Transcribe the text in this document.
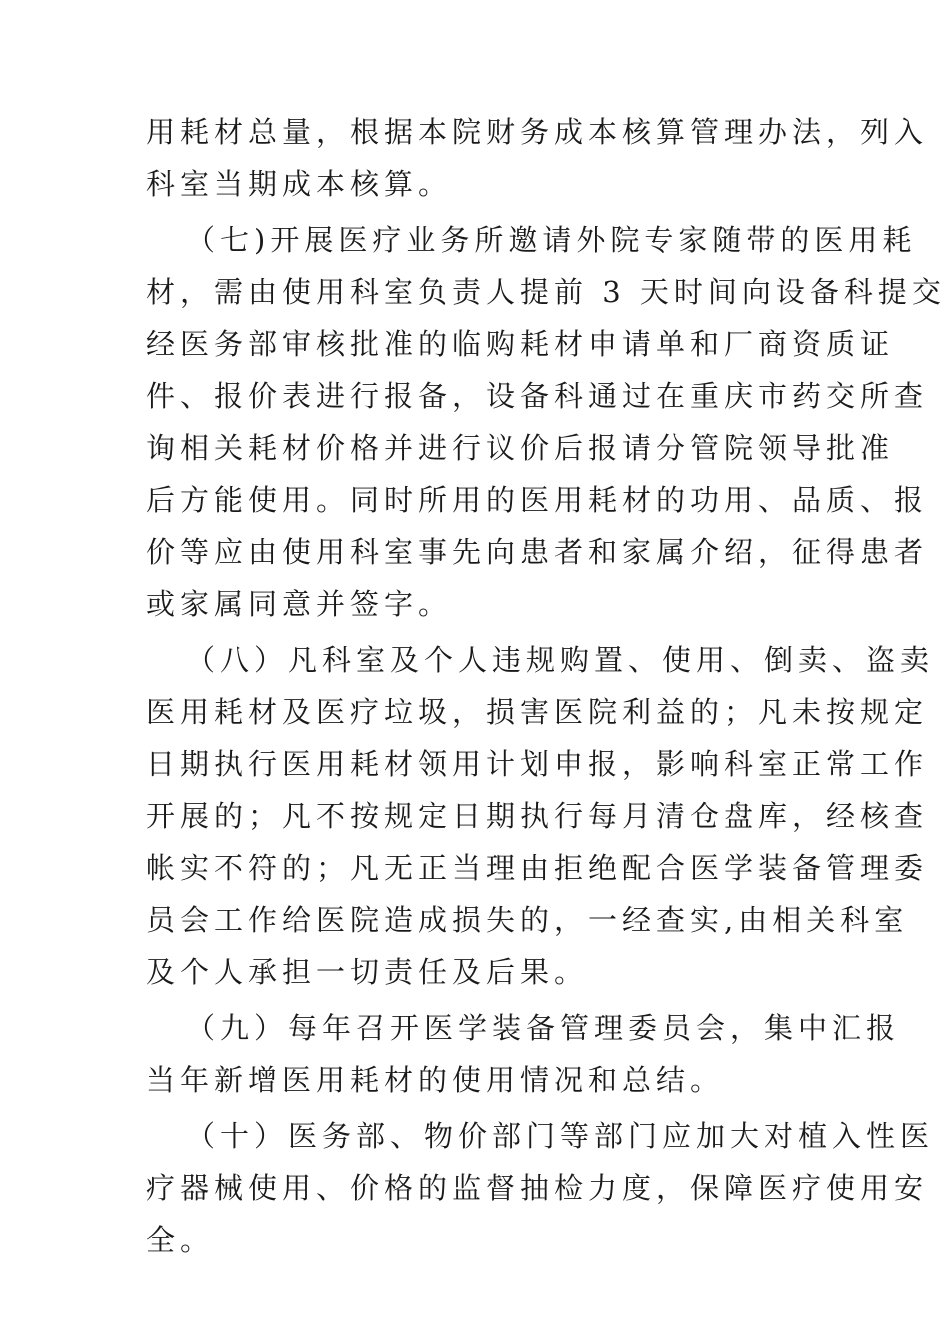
用耗材总量，根据本院财务成本核算管理办法，列入
科室当期成本核算。
（七)开展医疗业务所邀请外院专家随带的医用耗
材，需由使用科室负责人提前 3 天时间向设备科提交
经医务部审核批准的临购耗材申请单和厂商资质证
件、报价表进行报备，设备科通过在重庆市药交所查
询相关耗材价格并进行议价后报请分管院领导批准
后方能使用。同时所用的医用耗材的功用、品质、报
价等应由使用科室事先向患者和家属介绍，征得患者
或家属同意并签字。
（八）凡科室及个人违规购置、使用、倒卖、盗卖
医用耗材及医疗垃圾，损害医院利益的；凡未按规定
日期执行医用耗材领用计划申报，影响科室正常工作
开展的；凡不按规定日期执行每月清仓盘库，经核查
帐实不符的；凡无正当理由拒绝配合医学装备管理委
员会工作给医院造成损失的，一经查实,由相关科室
及个人承担一切责任及后果。
（九）每年召开医学装备管理委员会，集中汇报
当年新增医用耗材的使用情况和总结。
（十）医务部、物价部门等部门应加大对植入性医
疗器械使用、价格的监督抽检力度，保障医疗使用安
全。
